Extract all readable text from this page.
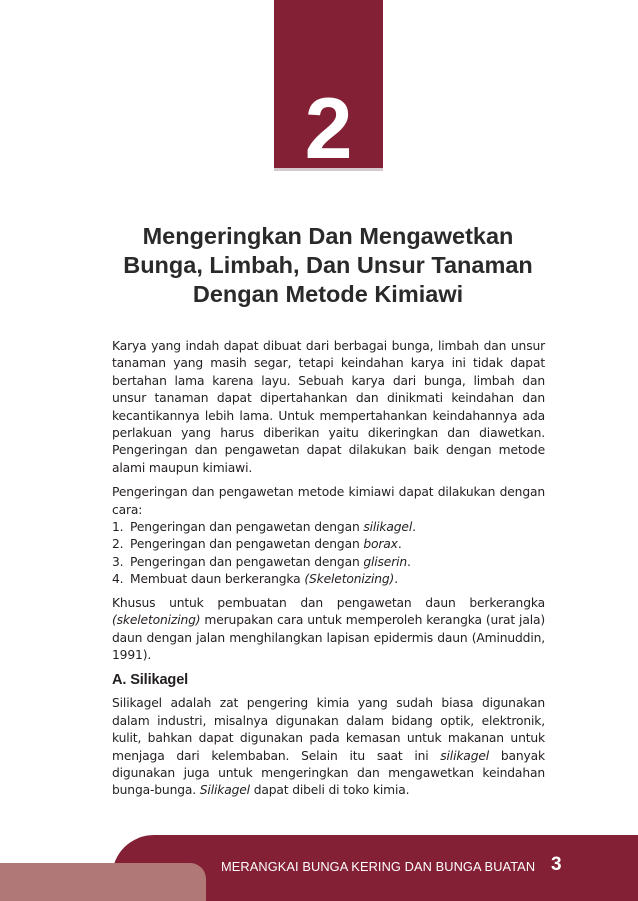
2
Mengeringkan Dan Mengawetkan
Bunga, Limbah, Dan Unsur Tanaman
Dengan Metode Kimiawi

Karya yang indah dapat dibuat dari berbagai bunga, limbah dan unsur tanaman yang masih segar, tetapi keindahan karya ini tidak dapat bertahan lama karena layu. Sebuah karya dari bunga, limbah dan unsur tanaman dapat dipertahankan dan dinikmati keindahan dan kecantikannya lebih lama. Untuk mempertahankan keindahannya ada perlakuan yang harus diberikan yaitu dikeringkan dan diawetkan. Pengeringan dan pengawetan dapat dilakukan baik dengan metode alami maupun kimiawi.

Pengeringan dan pengawetan metode kimiawi dapat dilakukan dengan cara:

1. Pengeringan dan pengawetan dengan silikagel.
2. Pengeringan dan pengawetan dengan borax.
3. Pengeringan dan pengawetan dengan gliserin.
4. Membuat daun berkerangka (Skeletonizing).

Khusus untuk pembuatan dan pengawetan daun berkerangka (skeletonizing) merupakan cara untuk memperoleh kerangka (urat jala) daun dengan jalan menghilangkan lapisan epidermis daun (Aminuddin, 1991).

A. Silikagel

Silikagel adalah zat pengering kimia yang sudah biasa digunakan dalam industri, misalnya digunakan dalam bidang optik, elektronik, kulit, bahkan dapat digunakan pada kemasan untuk makanan untuk menjaga dari kelembaban. Selain itu saat ini silikagel banyak digunakan juga untuk mengeringkan dan mengawetkan keindahan bunga-bunga. Silikagel dapat dibeli di toko kimia.

MERANGKAI BUNGA KERING DAN BUNGA BUATAN 3
